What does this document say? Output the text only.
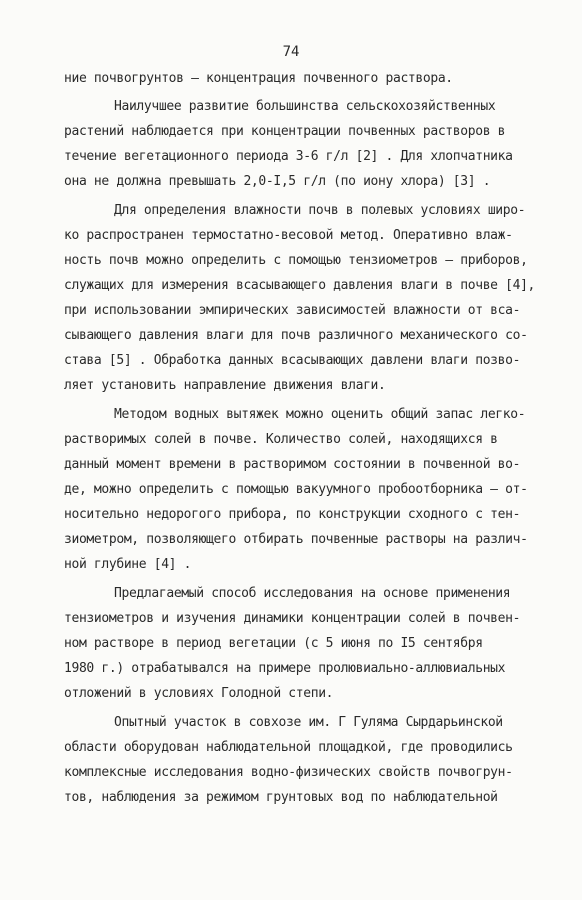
74
ние почвогрунтов – концентрация почвенного раствора.
Наилучшее развитие большинства сельскохозяйственных
растений наблюдается при концентрации почвенных растворов в
течение вегетационного периода 3-6 г/л [2] . Для хлопчатника
она не должна превышать 2,0-I,5 г/л (по иону хлора) [3] .
Для определения влажности почв в полевых условиях широ-
ко распространен термостатно-весовой метод. Оперативно влаж-
ность почв можно определить с помощью тензиометров – приборов,
служащих для измерения всасывающего давления влаги в почве [4],
при использовании эмпирических зависимостей влажности от вса-
сывающего давления влаги для почв различного механического со-
става [5] . Обработка данных всасывающих давлени влаги позво-
ляет установить направление движения влаги.
Методом водных вытяжек можно оценить общий запас легко-
растворимых солей в почве. Количество солей, находящихся в
данный момент времени в растворимом состоянии в почвенной во-
де, можно определить с помощью вакуумного пробоотборника – от-
носительно недорогого прибора, по конструкции сходного с тен-
зиометром, позволяющего отбирать почвенные растворы на различ-
ной глубине [4] .
Предлагаемый способ исследования на основе применения
тензиометров и изучения динамики концентрации солей в почвен-
ном растворе в период вегетации (с 5 июня по I5 сентября
1980 г.) отрабатывался на примере пролювиально-аллювиальных
отложений в условиях Голодной степи.
Опытный участок в совхозе им. Г Гуляма Сырдарьинской
области оборудован наблюдательной площадкой, где проводились
комплексные исследования водно-физических свойств почвогрун-
тов, наблюдения за режимом грунтовых вод по наблюдательной
